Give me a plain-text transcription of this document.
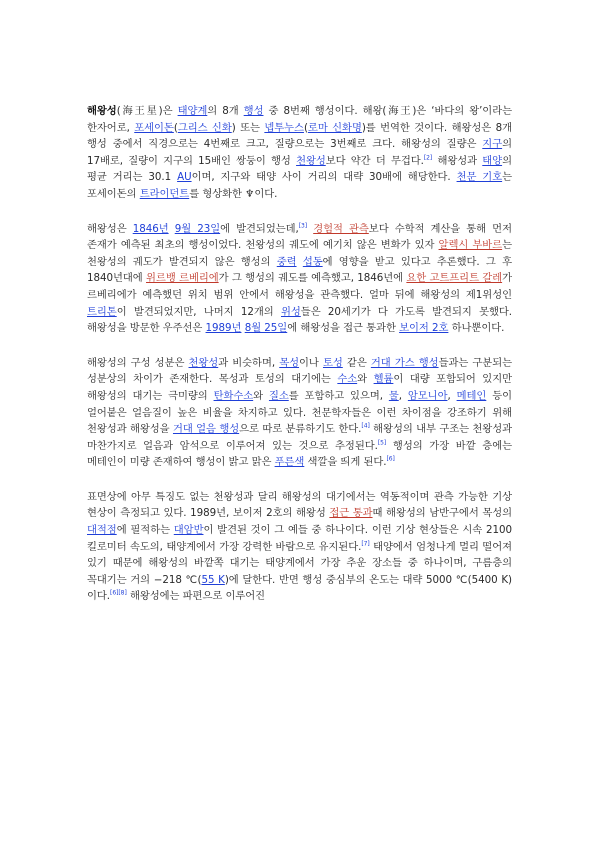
해왕성(海王星)은 태양계의 8개 행성 중 8번째 행성이다. 해왕(海王)은 ‘바다의 왕’이라는 한자어로, 포세이돈(그리스 신화) 또는 넵투누스(로마 신화명)를 번역한 것이다. 해왕성은 8개 행성 중에서 직경으로는 4번째로 크고, 질량으로는 3번째로 크다. 해왕성의 질량은 지구의 17배로, 질량이 지구의 15배인 쌍둥이 행성 천왕성보다 약간 더 무겁다.[2] 해왕성과 태양의 평균 거리는 30.1 AU이며, 지구와 태양 사이 거리의 대략 30배에 해당한다. 천문 기호는 포세이돈의 트라이던트를 형상화한 ♆이다.

해왕성은 1846년 9월 23일에 발견되었는데,[3] 경험적 관측보다 수학적 계산을 통해 먼저 존재가 예측된 최초의 행성이었다. 천왕성의 궤도에 예기치 않은 변화가 있자 알렉시 부바르는 천왕성의 궤도가 발견되지 않은 행성의 중력 섭동에 영향을 받고 있다고 추론했다. 그 후 1840년대에 위르뱅 르베리에가 그 행성의 궤도를 예측했고, 1846년에 요한 고트프리트 갈레가 르베리에가 예측했던 위치 범위 안에서 해왕성을 관측했다. 얼마 뒤에 해왕성의 제1위성인 트리톤이 발견되었지만, 나머지 12개의 위성들은 20세기가 다 가도록 발견되지 못했다. 해왕성을 방문한 우주선은 1989년 8월 25일에 해왕성을 접근 통과한 보이저 2호 하나뿐이다.

해왕성의 구성 성분은 천왕성과 비슷하며, 목성이나 토성 같은 거대 가스 행성들과는 구분되는 성분상의 차이가 존재한다. 목성과 토성의 대기에는 수소와 헬륨이 대량 포함되어 있지만 해왕성의 대기는 극미량의 탄화수소와 질소를 포함하고 있으며, 물, 암모니아, 메테인 등이 얼어붙은 얼음질이 높은 비율을 차지하고 있다. 천문학자들은 이런 차이점을 강조하기 위해 천왕성과 해왕성을 거대 얼음 행성으로 따로 분류하기도 한다.[4] 해왕성의 내부 구조는 천왕성과 마찬가지로 얼음과 암석으로 이루어져 있는 것으로 추정된다.[5] 행성의 가장 바깥 층에는 메테인이 미량 존재하여 행성이 밝고 맑은 푸른색 색깔을 띄게 된다.[6]

표면상에 아무 특징도 없는 천왕성과 달리 해왕성의 대기에서는 역동적이며 관측 가능한 기상 현상이 측정되고 있다. 1989년, 보이저 2호의 해왕성 접근 통과때 해왕성의 남반구에서 목성의 대적점에 필적하는 대암반이 발견된 것이 그 예들 중 하나이다. 이런 기상 현상들은 시속 2100 킬로미터 속도의, 태양계에서 가장 강력한 바람으로 유지된다.[7] 태양에서 엄청나게 멀리 떨어져 있기 때문에 해왕성의 바깥쪽 대기는 태양계에서 가장 추운 장소들 중 하나이며, 구름층의 꼭대기는 거의 −218 ℃(55 K)에 달한다. 반면 행성 중심부의 온도는 대략 5000 ℃(5400 K)이다.[6][8] 해왕성에는 파편으로 이루어진
